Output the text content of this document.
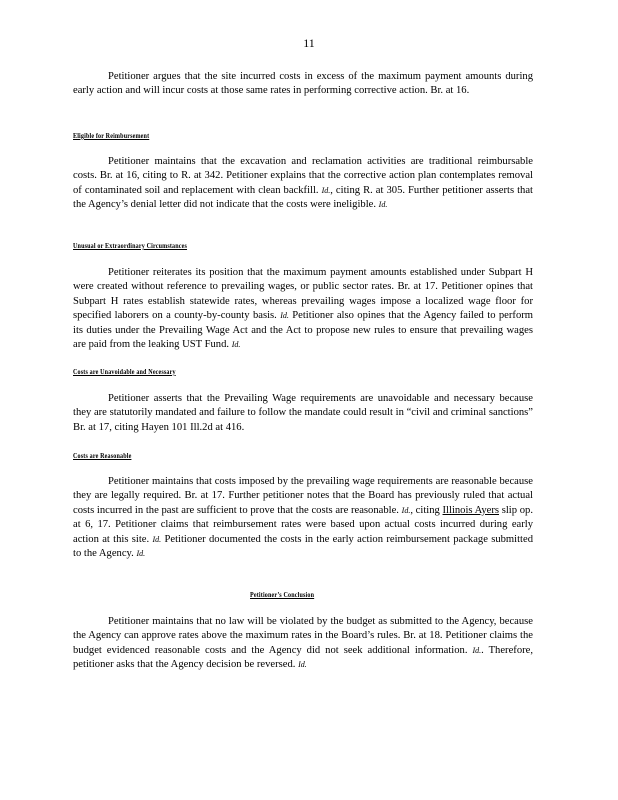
11

Petitioner argues that the site incurred costs in excess of the maximum payment amounts during early action and will incur costs at those same rates in performing corrective action. Br. at 16.

Eligible for Reimbursement

Petitioner maintains that the excavation and reclamation activities are traditional reimbursable costs. Br. at 16, citing to R. at 342. Petitioner explains that the corrective action plan contemplates removal of contaminated soil and replacement with clean backfill. Id., citing R. at 305. Further petitioner asserts that the Agency’s denial letter did not indicate that the costs were ineligible. Id.

Unusual or Extraordinary Circumstances

Petitioner reiterates its position that the maximum payment amounts established under Subpart H were created without reference to prevailing wages, or public sector rates. Br. at 17. Petitioner opines that Subpart H rates establish statewide rates, whereas prevailing wages impose a localized wage floor for specified laborers on a county-by-county basis. Id. Petitioner also opines that the Agency failed to perform its duties under the Prevailing Wage Act and the Act to propose new rules to ensure that prevailing wages are paid from the leaking UST Fund. Id.

Costs are Unavoidable and Necessary

Petitioner asserts that the Prevailing Wage requirements are unavoidable and necessary because they are statutorily mandated and failure to follow the mandate could result in “civil and criminal sanctions” Br. at 17, citing Hayen 101 Ill.2d at 416.

Costs are Reasonable

Petitioner maintains that costs imposed by the prevailing wage requirements are reasonable because they are legally required. Br. at 17. Further petitioner notes that the Board has previously ruled that actual costs incurred in the past are sufficient to prove that the costs are reasonable. Id., citing Illinois Ayers slip op. at 6, 17. Petitioner claims that reimbursement rates were based upon actual costs incurred during early action at this site. Id. Petitioner documented the costs in the early action reimbursement package submitted to the Agency. Id.

Petitioner’s Conclusion

Petitioner maintains that no law will be violated by the budget as submitted to the Agency, because the Agency can approve rates above the maximum rates in the Board’s rules. Br. at 18. Petitioner claims the budget evidenced reasonable costs and the Agency did not seek additional information. Id.. Therefore, petitioner asks that the Agency decision be reversed. Id.
